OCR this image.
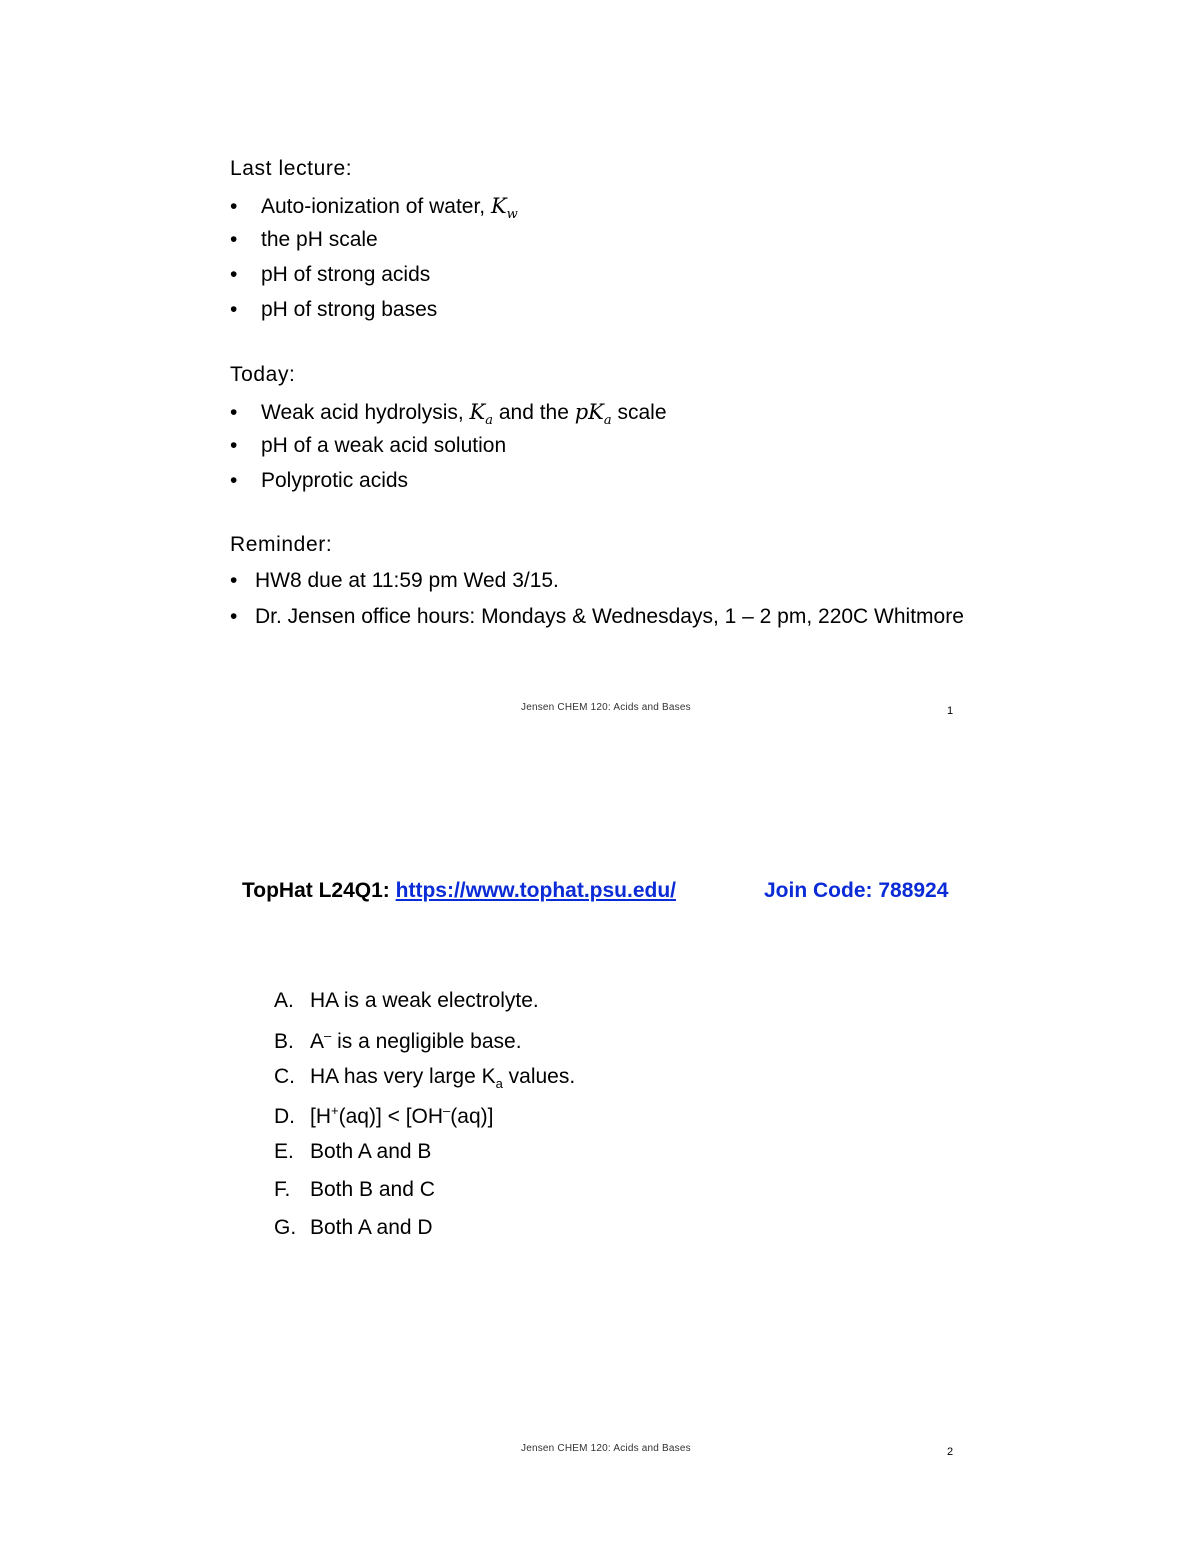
Last lecture:
• Auto-ionization of water, $K_w$
• the pH scale
• pH of strong acids
• pH of strong bases
Today:
• Weak acid hydrolysis, $K_a$ and the $pK_a$ scale
• pH of a weak acid solution
• Polyprotic acids
Reminder:
• HW8 due at 11:59 pm Wed 3/15.
• Dr. Jensen office hours: Mondays & Wednesdays, 1 – 2 pm, 220C Whitmore
Jensen CHEM 120: Acids and Bases	1
TopHat L24Q1: https://www.tophat.psu.edu/	Join Code: 788924
A. HA is a weak electrolyte.
B. A– is a negligible base.
C. HA has very large $K_a$ values.
D. [H+(aq)] < [OH–(aq)]
E. Both A and B
F. Both B and C
G. Both A and D
Jensen CHEM 120: Acids and Bases	2
